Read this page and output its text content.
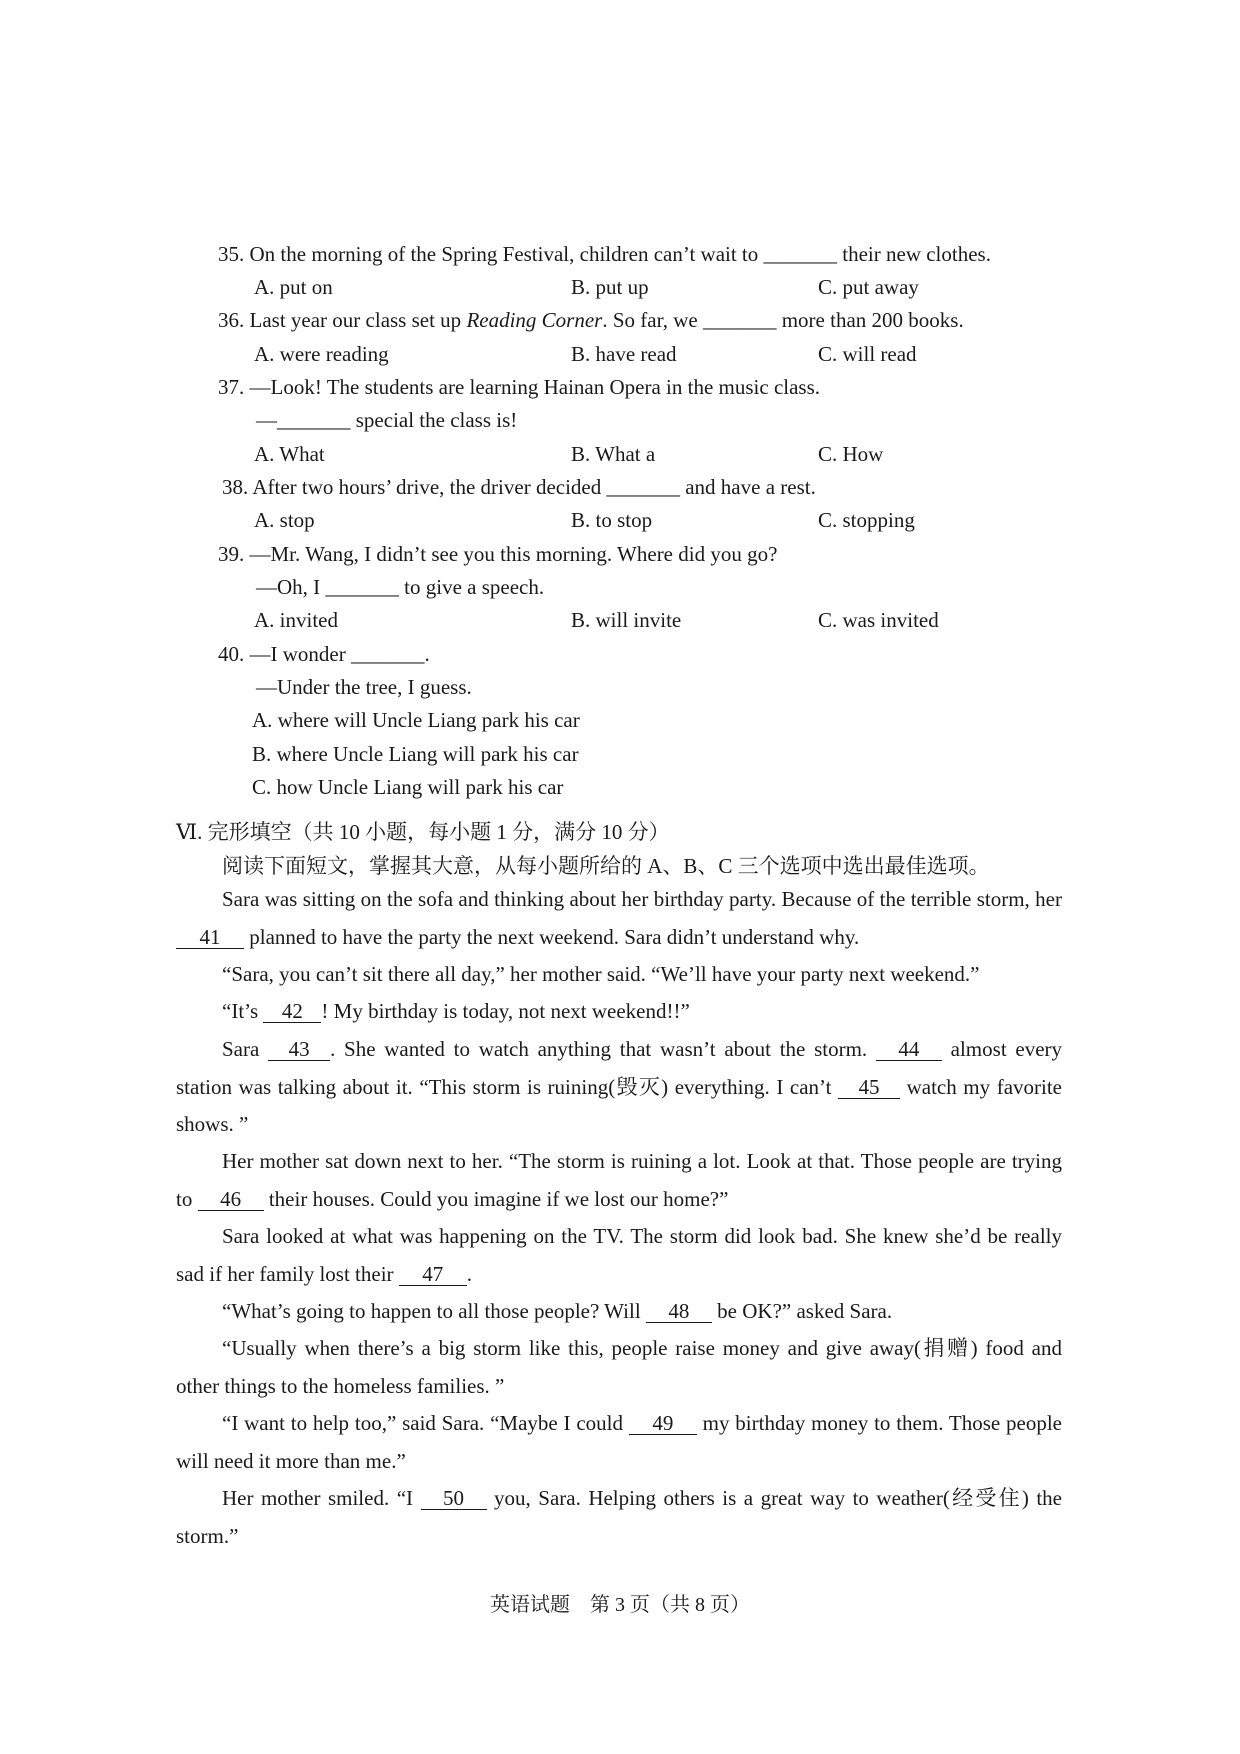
35. On the morning of the Spring Festival, children can’t wait to _______ their new clothes.
A. put on	B. put up	C. put away
36. Last year our class set up Reading Corner. So far, we _______ more than 200 books.
A. were reading	B. have read	C. will read
37. —Look! The students are learning Hainan Opera in the music class.
—_______ special the class is!
A. What	B. What a	C. How
38. After two hours’ drive, the driver decided _______ and have a rest.
A. stop	B. to stop	C. stopping
39. —Mr. Wang, I didn’t see you this morning. Where did you go?
—Oh, I _______ to give a speech.
A. invited	B. will invite	C. was invited
40. —I wonder _______.
—Under the tree, I guess.
A. where will Uncle Liang park his car
B. where Uncle Liang will park his car
C. how Uncle Liang will park his car
Ⅵ. 完形填空（共 10 小题，每小题 1 分，满分 10 分）
阅读下面短文，掌握其大意，从每小题所给的 A、B、C 三个选项中选出最佳选项。
Sara was sitting on the sofa and thinking about her birthday party. Because of the terrible storm, her 41 planned to have the party the next weekend. Sara didn’t understand why.
“Sara, you can’t sit there all day,” her mother said. “We’ll have your party next weekend.”
“It’s 42 ! My birthday is today, not next weekend!!”
Sara 43 . She wanted to watch anything that wasn’t about the storm. 44 almost every station was talking about it. “This storm is ruining(毁灭) everything. I can’t 45 watch my favorite shows. ”
Her mother sat down next to her. “The storm is ruining a lot. Look at that. Those people are trying to 46 their houses. Could you imagine if we lost our home?”
Sara looked at what was happening on the TV. The storm did look bad. She knew she’d be really sad if her family lost their 47 .
“What’s going to happen to all those people? Will 48 be OK?” asked Sara.
“Usually when there’s a big storm like this, people raise money and give away(捐赠) food and other things to the homeless families. ”
“I want to help too,” said Sara. “Maybe I could 49 my birthday money to them. Those people will need it more than me.”
Her mother smiled. “I 50 you, Sara. Helping others is a great way to weather(经受住) the storm.”
英语试题　第 3 页（共 8 页）
